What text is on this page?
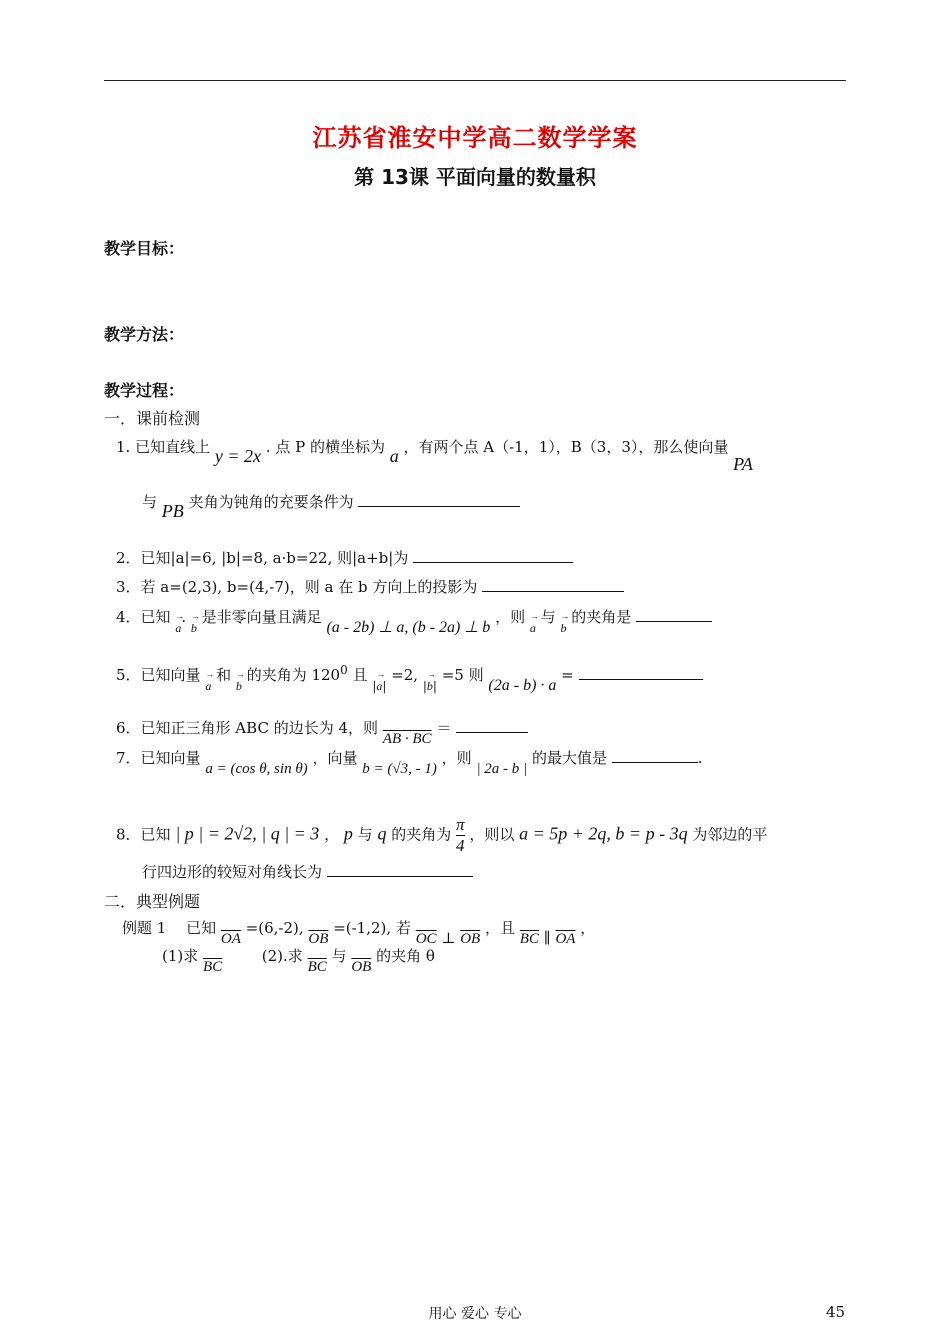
江苏省淮安中学高二数学学案
第 13课 平面向量的数量积
教学目标：
教学方法：
教学过程：
一．课前检测
1. 已知直线上 y = 2x . 点 P 的横坐标为 a ，有两个点 A（-1，1），B（3，3），那么使向量 PA
与 PB 夹角为钝角的充要条件为
2．已知|a|=6, |b|=8, a·b=22, 则|a+b|为
3．若 a=(2,3), b=(4,-7)，则 a 在 b 方向上的投影为
4．已知 → a. → b 是非零向量且满足 (a - 2b) ⊥ a, (b - 2a) ⊥ b ，则 → a 与 → b 的夹角是
5．已知向量 → a 和 → b 的夹角为 $120^0$ 且 $_{|\to a|}$ =2, $_{|\to b|}$ =5 则 (2a - b) · a =
6．已知正三角形 ABC 的边长为 4，则 AB · BC ＝
7．已知向量 a = (cos θ, sin θ) ，向量 b = (√3, - 1) ，则 | 2a - b | 的最大值是	.
8．已知 | p | = 2√2, | q | = 3 ， p 与 q 的夹角为 $\frac{\pi}{4}$ ，则以 a = 5p + 2q, b = p - 3q 为邻边的平
行四边形的较短对角线长为
二．典型例题
例题 1　 已知 $\overline{OA} =(6,-2)$, $\overline{OB} =(-1,2)$, 若 $\overline{OC}$ ⊥ $\overline{OB}$ ，且 $\overline{BC}$ ∥ $\overline{OA}$ ，
(1)求 $\overline{BC}$  (2).求 $\overline{BC}$ 与 $\overline{OB}$ 的夹角 θ
用心 爱心 专心	45
